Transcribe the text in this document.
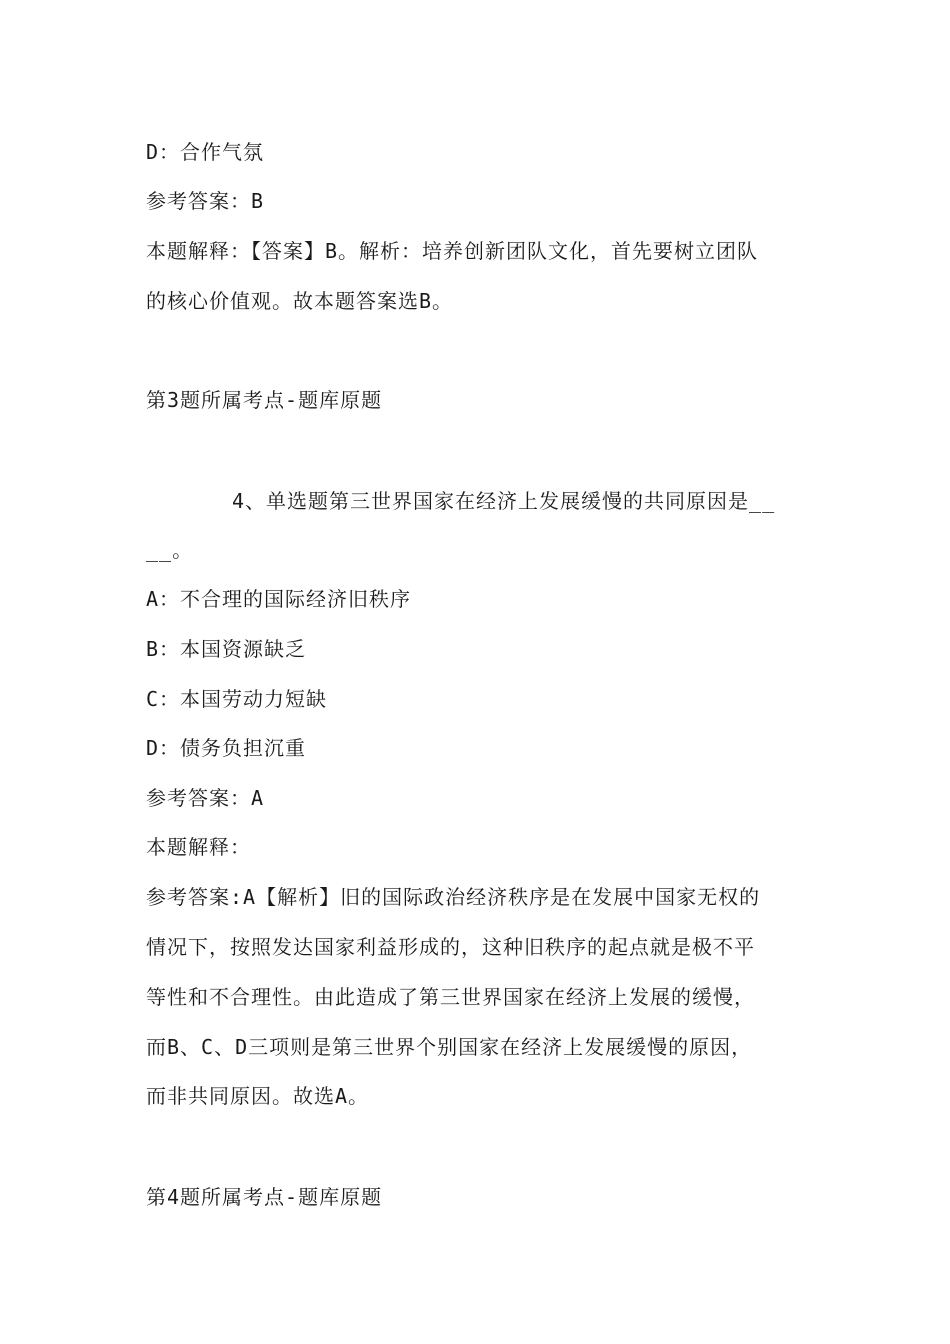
D：合作气氛
参考答案：B
本题解释：【答案】B。解析：培养创新团队文化，首先要树立团队
的核心价值观。故本题答案选B。
第3题所属考点-题库原题
4、单选题第三世界国家在经济上发展缓慢的共同原因是__
__。
A：不合理的国际经济旧秩序
B：本国资源缺乏
C：本国劳动力短缺
D：债务负担沉重
参考答案：A
本题解释：
参考答案:A【解析】旧的国际政治经济秩序是在发展中国家无权的
情况下，按照发达国家利益形成的，这种旧秩序的起点就是极不平
等性和不合理性。由此造成了第三世界国家在经济上发展的缓慢，
而B、C、D三项则是第三世界个别国家在经济上发展缓慢的原因，
而非共同原因。故选A。
第4题所属考点-题库原题
